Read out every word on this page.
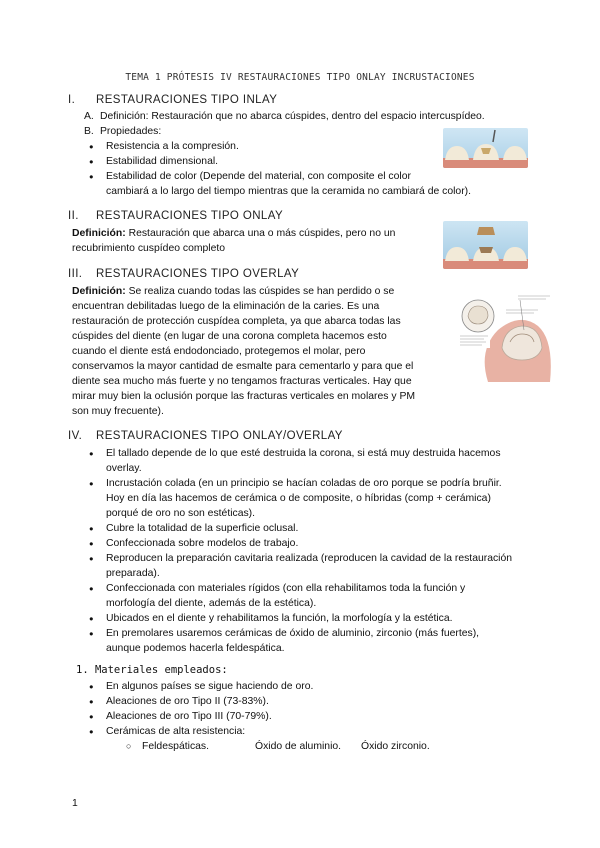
TEMA 1 PRÓTESIS IV RESTAURACIONES TIPO ONLAY INCRUSTACIONES
I. RESTAURACIONES TIPO INLAY
A. Definición: Restauración que no abarca cúspides, dentro del espacio intercuspídeo.
B. Propiedades:
● Resistencia a la compresión.
● Estabilidad dimensional.
● Estabilidad de color (Depende del material, con composite el color
cambiará a lo largo del tiempo mientras que la ceramida no cambiará de color).
II. RESTAURACIONES TIPO ONLAY
Definición: Restauración que abarca una o más cúspides, pero no un
recubrimiento cuspídeo completo
III. RESTAURACIONES TIPO OVERLAY
Definición: Se realiza cuando todas las cúspides se han perdido o se
encuentran debilitadas luego de la eliminación de la caries. Es una
restauración de protección cuspídea completa, ya que abarca todas las
cúspides del diente (en lugar de una corona completa hacemos esto
cuando el diente está endodonciado, protegemos el molar, pero
conservamos la mayor cantidad de esmalte para cementarlo y para que el
diente sea mucho más fuerte y no tengamos fracturas verticales. Hay que
mirar muy bien la oclusión porque las fracturas verticales en molares y PM
son muy frecuente).
IV. RESTAURACIONES TIPO ONLAY/OVERLAY
● El tallado depende de lo que esté destruida la corona, si está muy destruida hacemos
overlay.
● Incrustación colada (en un principio se hacían coladas de oro porque se podría bruñir.
Hoy en día las hacemos de cerámica o de composite, o híbridas (comp + cerámica)
porqué de oro no son estéticas).
● Cubre la totalidad de la superficie oclusal.
● Confeccionada sobre modelos de trabajo.
● Reproducen la preparación cavitaria realizada (reproducen la cavidad de la restauración
preparada).
● Confeccionada con materiales rígidos (con ella rehabilitamos toda la función y
morfología del diente, además de la estética).
● Ubicados en el diente y rehabilitamos la función, la morfología y la estética.
● En premolares usaremos cerámicas de óxido de aluminio, zirconio (más fuertes),
aunque podemos hacerla feldespática.
1. Materiales empleados:
● En algunos países se sigue haciendo de oro.
● Aleaciones de oro Tipo II (73-83%).
● Aleaciones de oro Tipo III (70-79%).
● Cerámicas de alta resistencia:
○ Feldespáticas.	Óxido de aluminio. Óxido zirconio.
1
